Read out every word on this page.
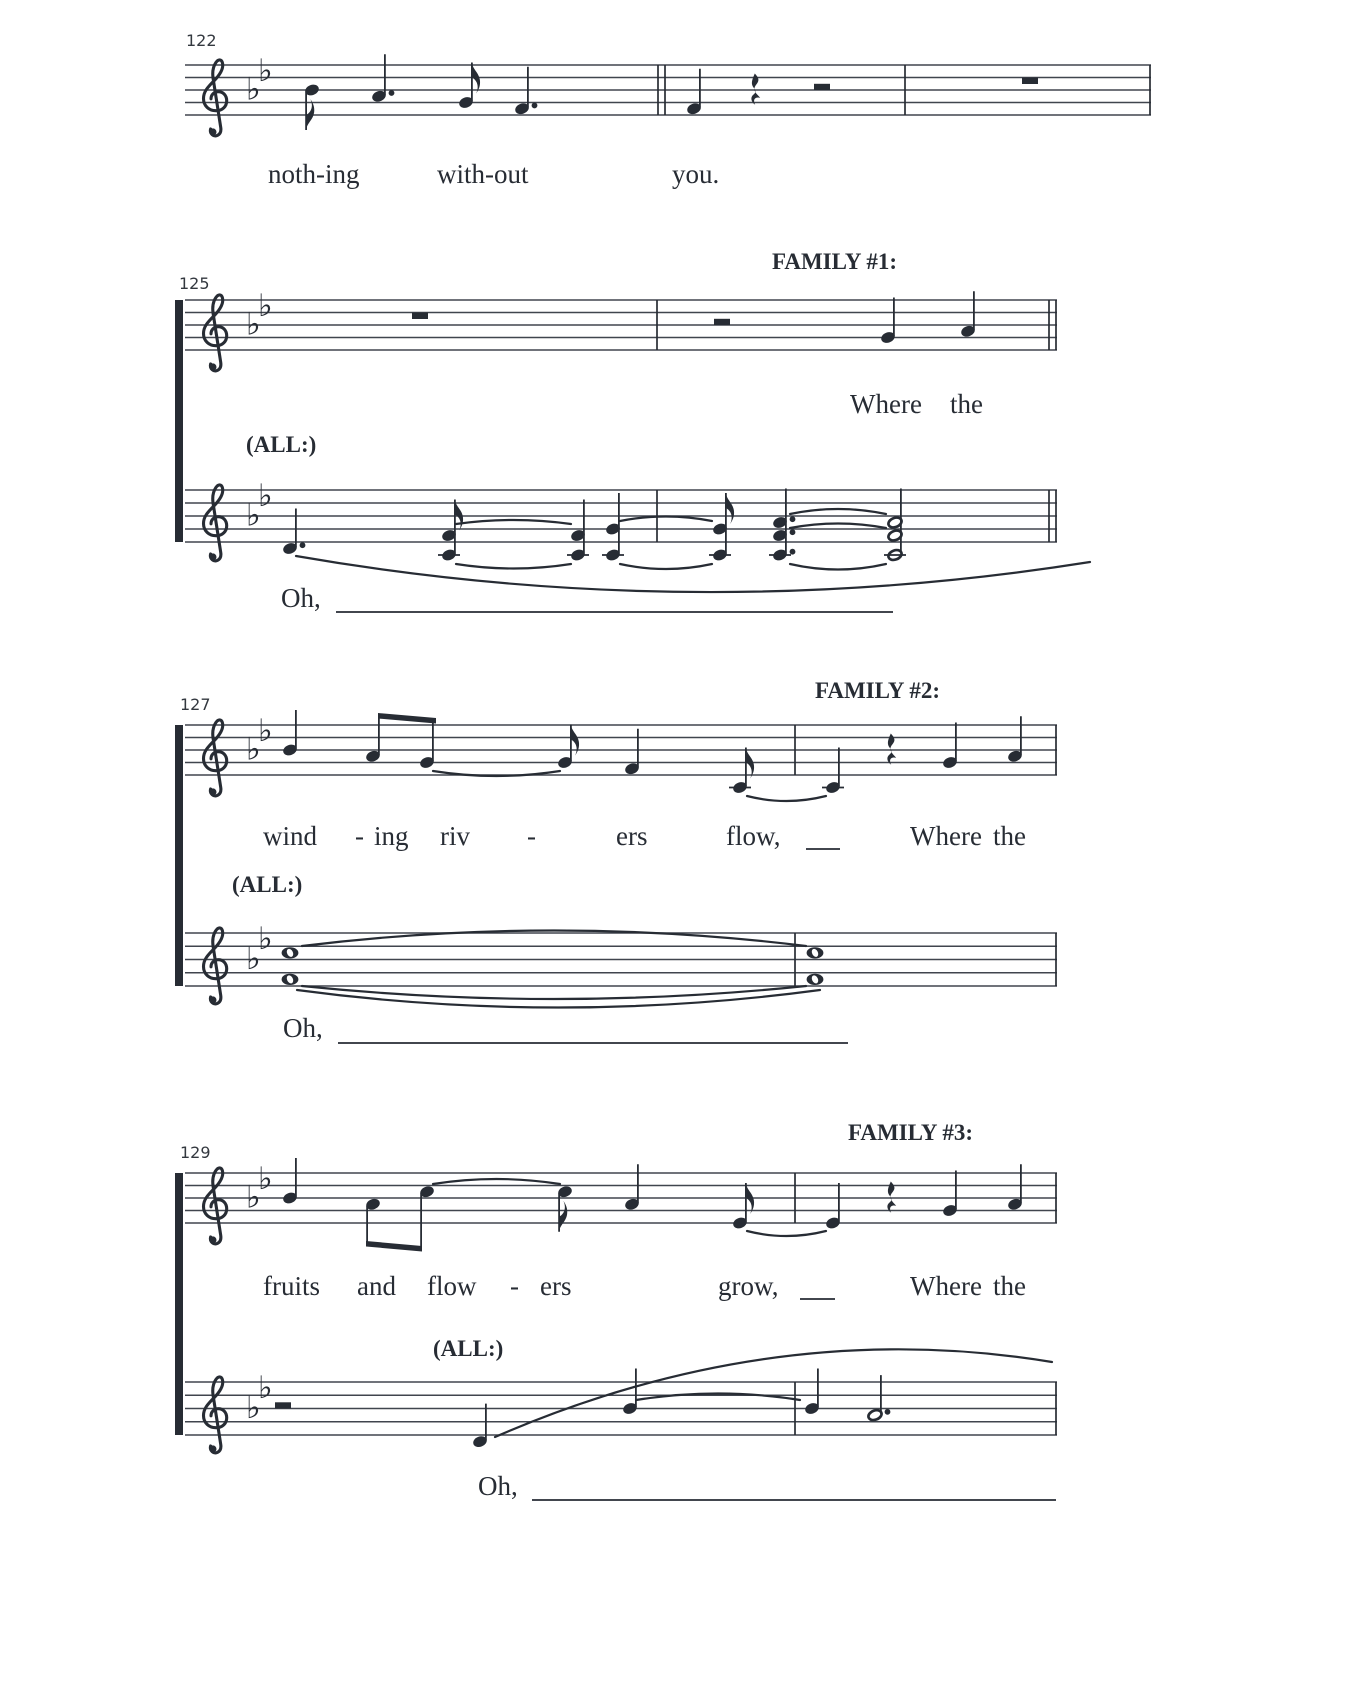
♭
♭
♭
♭
♭
♭
♭
♭
♭
♭
♭
♭
♭
♭
122
125
127
129
FAMILY #1:
FAMILY #2:
FAMILY #3:
(ALL:)
(ALL:)
(ALL:)
noth-ing	with-out	you.
Where the
Oh,
wind - ing riv -	ers	flow,	Where the
Oh,
fruits and flow - ers	grow,	Where the
Oh,
